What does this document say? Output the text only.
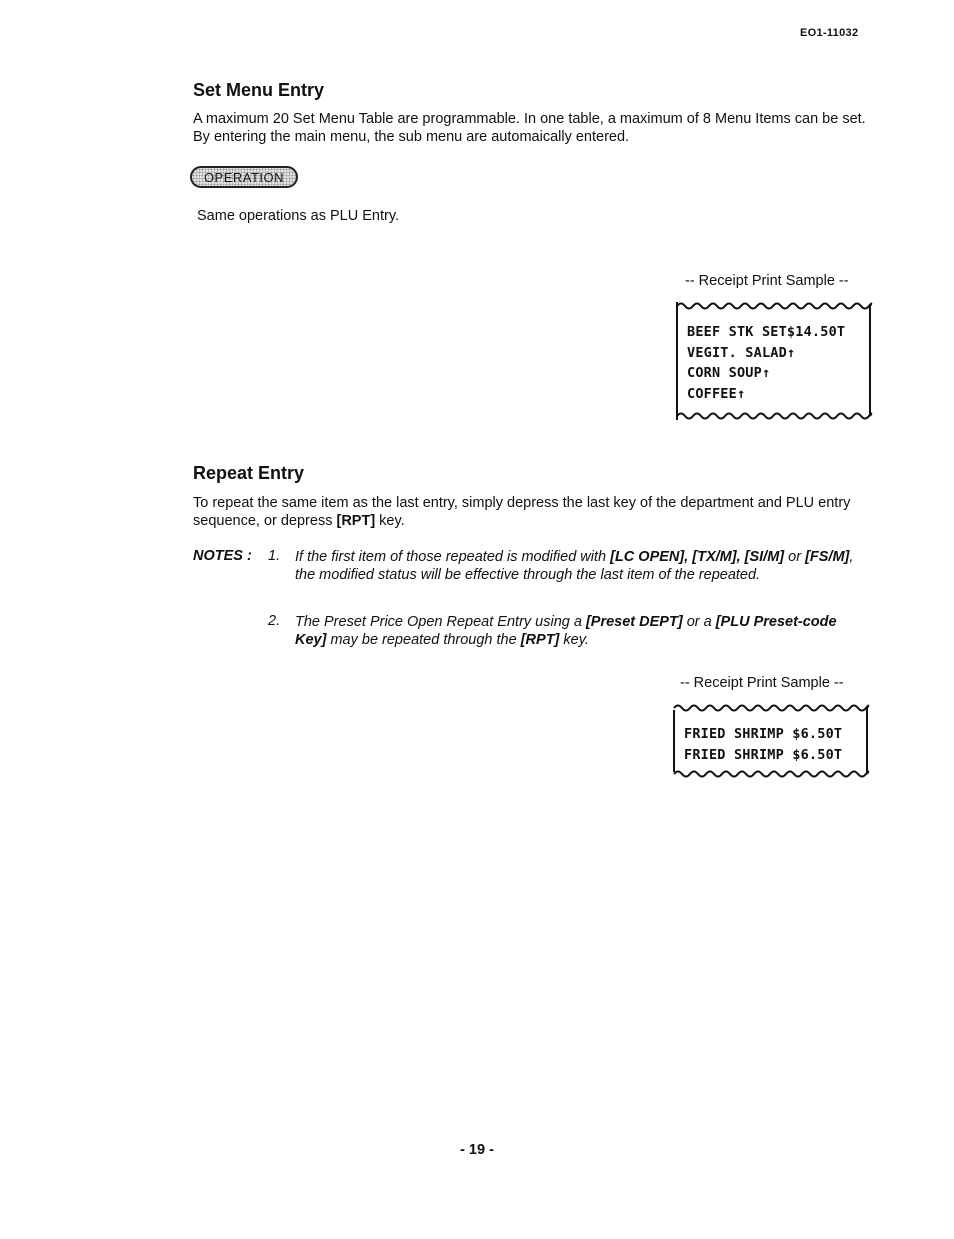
EO1-11032
Set Menu Entry

A maximum 20 Set Menu Table are programmable. In one table, a maximum of 8 Menu Items can be set. By entering the main menu, the sub menu are automaically entered.

OPERATION

Same operations as PLU Entry.

-- Receipt Print Sample --
BEEF STK SET$14.50T
VEGIT. SALAD↑
CORN SOUP↑
COFFEE↑
Repeat Entry

To repeat the same item as the last entry, simply depress the last key of the department and PLU entry sequence, or depress [RPT] key.

NOTES : 1. If the first item of those repeated is modified with [LC OPEN], [TX/M], [SI/M] or [FS/M], the modified status will be effective through the last item of the repeated.

2. The Preset Price Open Repeat Entry using a [Preset DEPT] or a [PLU Preset-code Key] may be repeated through the [RPT] key.

-- Receipt Print Sample --
FRIED SHRIMP $6.50T
FRIED SHRIMP $6.50T
- 19 -
